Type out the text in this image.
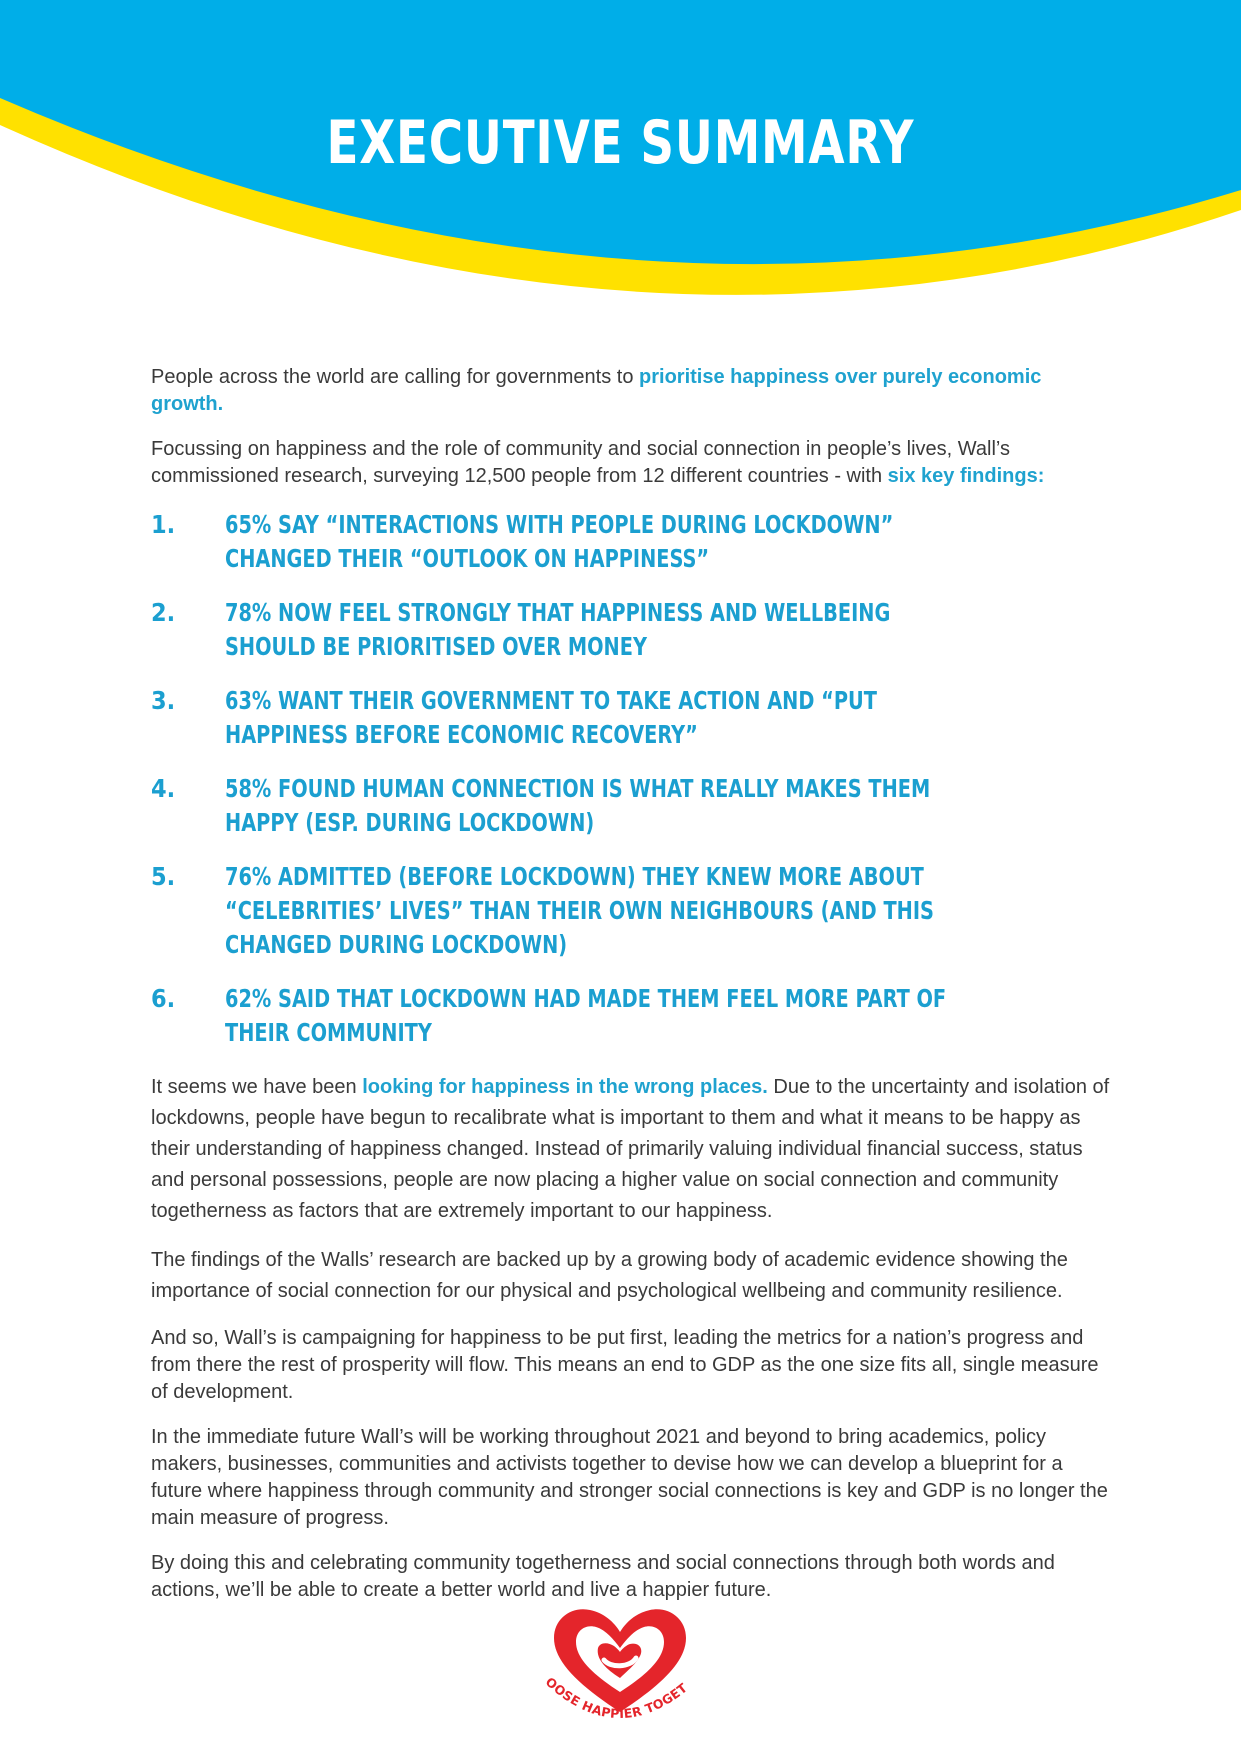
EXECUTIVE SUMMARY

People across the world are calling for governments to prioritise happiness over purely economic growth.

Focussing on happiness and the role of community and social connection in people’s lives, Wall’s commissioned research, surveying 12,500 people from 12 different countries - with six key findings:

1.	65% SAY “INTERACTIONS WITH PEOPLE DURING LOCKDOWN” CHANGED THEIR “OUTLOOK ON HAPPINESS”
2.	78% NOW FEEL STRONGLY THAT HAPPINESS AND WELLBEING SHOULD BE PRIORITISED OVER MONEY
3.	63% WANT THEIR GOVERNMENT TO TAKE ACTION AND “PUT HAPPINESS BEFORE ECONOMIC RECOVERY”
4.	58% FOUND HUMAN CONNECTION IS WHAT REALLY MAKES THEM HAPPY (ESP. DURING LOCKDOWN)
5.	76% ADMITTED (BEFORE LOCKDOWN) THEY KNEW MORE ABOUT “CELEBRITIES’ LIVES” THAN THEIR OWN NEIGHBOURS (AND THIS CHANGED DURING LOCKDOWN)
6.	62% SAID THAT LOCKDOWN HAD MADE THEM FEEL MORE PART OF THEIR COMMUNITY

It seems we have been looking for happiness in the wrong places. Due to the uncertainty and isolation of lockdowns, people have begun to recalibrate what is important to them and what it means to be happy as their understanding of happiness changed. Instead of primarily valuing individual financial success, status and personal possessions, people are now placing a higher value on social connection and community togetherness as factors that are extremely important to our happiness.

The findings of the Walls’ research are backed up by a growing body of academic evidence showing the importance of social connection for our physical and psychological wellbeing and community resilience.

And so, Wall’s is campaigning for happiness to be put first, leading the metrics for a nation’s progress and from there the rest of prosperity will flow. This means an end to GDP as the one size fits all, single measure of development.

In the immediate future Wall’s will be working throughout 2021 and beyond to bring academics, policy makers, businesses, communities and activists together to devise how we can develop a blueprint for a future where happiness through community and stronger social connections is key and GDP is no longer the main measure of progress.

By doing this and celebrating community togetherness and social connections through both words and actions, we’ll be able to create a better world and live a happier future.

OOSE HAPPIER TOGET
